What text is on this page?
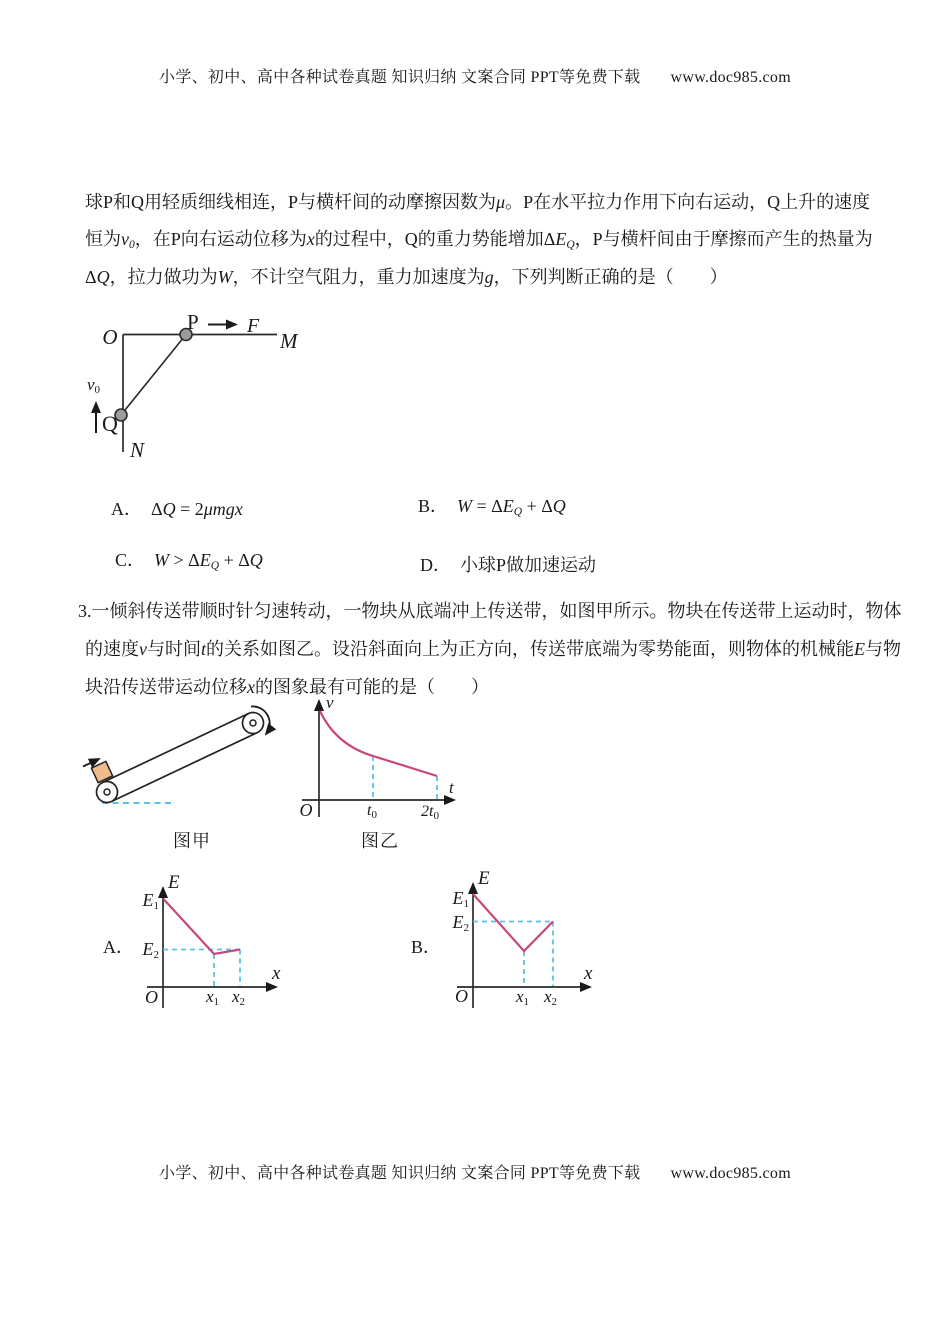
小学、初中、高中各种试卷真题 知识归纳 文案合同 PPT等免费下载 www.doc985.com
球P和Q用轻质细线相连，P与横杆间的动摩擦因数为μ。P在水平拉力作用下向右运动，Q上升的速度
恒为v0，在P向右运动位移为x的过程中，Q的重力势能增加ΔEQ，P与横杆间由于摩擦而产生的热量为
ΔQ，拉力做功为W，不计空气阻力，重力加速度为g，下列判断正确的是（　　）
O
P F
M
Q
N
v0
A． ΔQ = 2μmgx	B． W = ΔEQ + ΔQ
C． W > ΔEQ + ΔQ	D． 小球P做加速运动
3.一倾斜传送带顺时针匀速转动，一物块从底端冲上传送带，如图甲所示。物块在传送带上运动时，物体
的速度v与时间t的关系如图乙。设沿斜面向上为正方向，传送带底端为零势能面，则物体的机械能E与物
块沿传送带运动位移x的图象最有可能的是（　　）
图甲
v
t
O	t0	2t0
图乙
A．
E
E1
E2
O	x1 x2
x
B．
E
E1
E2
O	x1 x2
x
小学、初中、高中各种试卷真题 知识归纳 文案合同 PPT等免费下载 www.doc985.com
